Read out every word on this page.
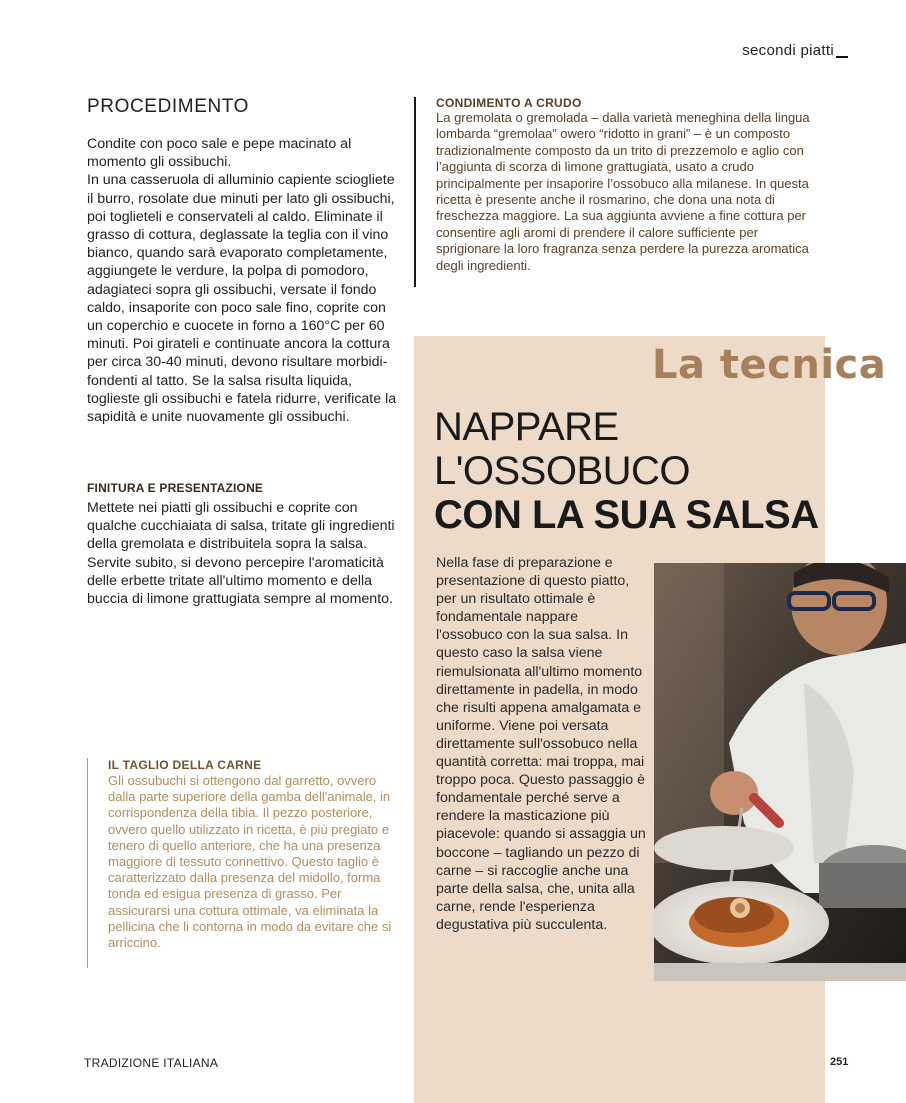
secondi piatti
PROCEDIMENTO

Condite con poco sale e pepe macinato al momento gli ossibuchi.
In una casseruola di alluminio capiente sciogliete il burro, rosolate due minuti per lato gli ossibuchi, poi toglieteli e conservateli al caldo. Eliminate il grasso di cottura, deglassate la teglia con il vino bianco, quando sarà evaporato completamente, aggiungete le verdure, la polpa di pomodoro, adagiateci sopra gli ossibuchi, versate il fondo caldo, insaporite con poco sale fino, coprite con un coperchio e cuocete in forno a 160°C per 60 minuti. Poi girateli e continuate ancora la cottura per circa 30-40 minuti, devono risultare morbidi-fondenti al tatto. Se la salsa risulta liquida, toglieste gli ossibuchi e fatela ridurre, verificate la sapidità e unite nuovamente gli ossibuchi.

FINITURA E PRESENTAZIONE
Mettete nei piatti gli ossibuchi e coprite con qualche cucchiaiata di salsa, tritate gli ingredienti della gremolata e distribuitela sopra la salsa. Servite subito, si devono percepire l'aromaticità delle erbette tritate all'ultimo momento e della buccia di limone grattugiata sempre al momento.
IL TAGLIO DELLA CARNE
Gli ossubuchi si ottengono dal garretto, ovvero dalla parte superiore della gamba dell'animale, in corrispondenza della tibia. Il pezzo posteriore, ovvero quello utilizzato in ricetta, è più pregiato e tenero di quello anteriore, che ha una presenza maggiore di tessuto connettivo. Questo taglio è caratterizzato dalla presenza del midollo, forma tonda ed esigua presenza di grasso. Per assicurarsi una cottura ottimale, va eliminata la pellicina che li contorna in modo da evitare che si arriccino.
CONDIMENTO A CRUDO
La gremolata o gremolada – dalla varietà meneghina della lingua lombarda “gremolaa” owero “ridotto in grani” – è un composto tradizionalmente composto da un trito di prezzemolo e aglio con l’aggiunta di scorza di limone grattugiata, usato a crudo principalmente per insaporire l’ossobuco alla milanese. In questa ricetta è presente anche il rosmarino, che dona una nota di freschezza maggiore. La sua aggiunta avviene a fine cottura per consentire agli aromi di prendere il calore sufficiente per sprigionare la loro fragranza senza perdere la purezza aromatica degli ingredienti.
La tecnica
NAPPARE
L'OSSOBUCO
CON LA SUA SALSA
Nella fase di preparazione e presentazione di questo piatto, per un risultato ottimale è fondamentale nappare l'ossobuco con la sua salsa. In questo caso la salsa viene riemulsionata all'ultimo momento direttamente in padella, in modo che risulti appena amalgamata e uniforme. Viene poi versata direttamente sull'ossobuco nella quantità corretta: mai troppa, mai troppo poca. Questo passaggio è fondamentale perché serve a rendere la masticazione più piacevole: quando si assaggia un boccone – tagliando un pezzo di carne – si raccoglie anche una parte della salsa, che, unita alla carne, rende l'esperienza degustativa più succulenta.
TRADIZIONE ITALIANA	251
